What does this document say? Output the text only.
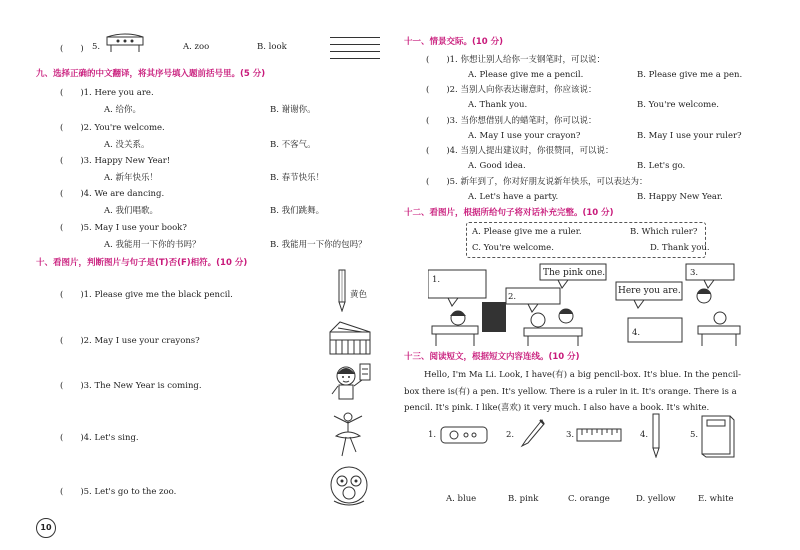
(　　) 5.	A. zoo	B. look
九、选择正确的中文翻译，将其序号填入题前括号里。(5 分)
(　　)1. Here you are.
A. 给你。	B. 谢谢你。
(　　)2. You're welcome.
A. 没关系。	B. 不客气。
(　　)3. Happy New Year!
A. 新年快乐！	B. 春节快乐！
(　　)4. We are dancing.
A. 我们唱歌。	B. 我们跳舞。
(　　)5. May I use your book?
A. 我能用一下你的书吗？	B. 我能用一下你的包吗？
十、看图片，判断图片与句子是(T)否(F)相符。(10 分)
(　　)1. Please give me the black pencil.	黄色
(　　)2. May I use your crayons?
(　　)3. The New Year is coming.
(　　)4. Let's sing.
(　　)5. Let's go to the zoo.
10
十一、情景交际。(10 分)
(　　)1. 你想让别人给你一支钢笔时，可以说：
A. Please give me a pencil.	B. Please give me a pen.
(　　)2. 当别人向你表达谢意时，你应该说：
A. Thank you.	B. You're welcome.
(　　)3. 当你想借别人的蜡笔时，你可以说：
A. May I use your crayon?	B. May I use your ruler?
(　　)4. 当别人提出建议时，你很赞同，可以说：
A. Good idea.	B. Let's go.
(　　)5. 新年到了，你对好朋友说新年快乐，可以表达为：
A. Let's have a party.	B. Happy New Year.
十二、看图片，根据所给句子将对话补充完整。(10 分)
A. Please give me a ruler.	B. Which ruler?
C. You're welcome.	D. Thank you.
1.
The pink one.
2.
Here you are.
3.
4.
十三、阅读短文，根据短文内容连线。(10 分)
Hello, I'm Ma Li. Look, I have(有) a big pencil-box. It's blue. In the pencil-
box there is(有) a pen. It's yellow. There is a ruler in it. It's orange. There is a
pencil. It's pink. I like(喜欢) it very much. I also have a book. It's white.
1.	2.	3.	4.	5.
A. blue	B. pink	C. orange	D. yellow	E. white
